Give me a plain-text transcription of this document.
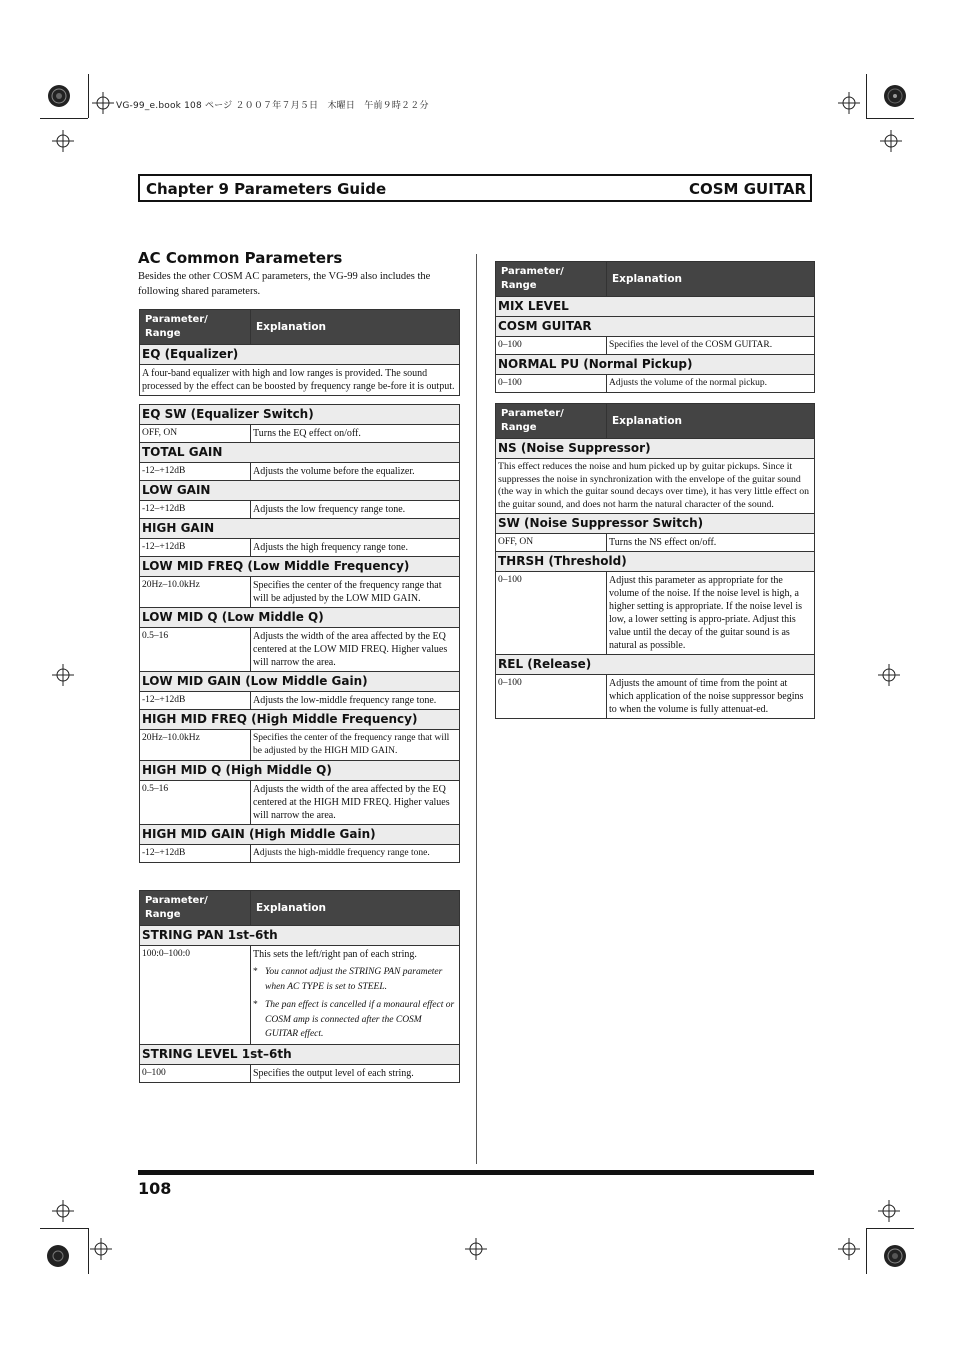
VG-99_e.book 108 ページ ２００７年７月５日　木曜日　午前９時２２分
Chapter 9 Parameters Guide	COSM GUITAR
AC Common Parameters
Besides the other COSM AC parameters, the VG-99 also includes the following shared parameters.
Parameter/
Range	Explanation
EQ (Equalizer)
A four-band equalizer with high and low ranges is provided. The sound processed by the effect can be boosted by frequency range be-fore it is output.
EQ SW (Equalizer Switch)	
OFF, ON	Turns the EQ effect on/off.
TOTAL GAIN	
-12–+12dB	Adjusts the volume before the equalizer.
LOW GAIN	
-12–+12dB	Adjusts the low frequency range tone.
HIGH GAIN	
-12–+12dB	Adjusts the high frequency range tone.
LOW MID FREQ (Low Middle Frequency)	
20Hz–10.0kHz	Specifies the center of the frequency range that will be adjusted by the LOW MID GAIN.
LOW MID Q (Low Middle Q)	
0.5–16	Adjusts the width of the area affected by the EQ centered at the LOW MID FREQ. Higher values will narrow the area.
LOW MID GAIN (Low Middle Gain)	
-12–+12dB	Adjusts the low-middle frequency range tone.
HIGH MID FREQ (High Middle Frequency)	
20Hz–10.0kHz	Specifies the center of the frequency range that will be adjusted by the HIGH MID GAIN.
HIGH MID Q (High Middle Q)	
0.5–16	Adjusts the width of the area affected by the EQ centered at the HIGH MID FREQ. Higher values will narrow the area.
HIGH MID GAIN (High Middle Gain)	
-12–+12dB	Adjusts the high-middle frequency range tone.
Parameter/
Range	Explanation
STRING PAN 1st–6th	
100:0–100:0	This sets the left/right pan of each string.
* You cannot adjust the STRING PAN parameter when AC TYPE is set to STEEL.
* The pan effect is cancelled if a monaural effect or COSM amp is connected after the COSM GUITAR effect.

STRING LEVEL 1st–6th	
0–100	Specifies the output level of each string.
Parameter/
Range	Explanation
MIX LEVEL	
COSM GUITAR	
0–100	Specifies the level of the COSM GUITAR.
NORMAL PU (Normal Pickup)	
0–100	Adjusts the volume of the normal pickup.
Parameter/
Range	Explanation
NS (Noise Suppressor)	
This effect reduces the noise and hum picked up by guitar pickups. Since it suppresses the noise in synchronization with the envelope of the guitar sound (the way in which the guitar sound decays over time), it has very little effect on the guitar sound, and does not harm the natural character of the sound.	
SW (Noise Suppressor Switch)	
OFF, ON	Turns the NS effect on/off.
THRSH (Threshold)	
0–100	Adjust this parameter as appropriate for the volume of the noise. If the noise level is high, a higher setting is appropriate. If the noise level is low, a lower setting is appro-priate. Adjust this value until the decay of the guitar sound is as natural as possible.
REL (Release)	
0–100	Adjusts the amount of time from the point at which application of the noise suppressor begins to when the volume is fully attenuat-ed.
108
